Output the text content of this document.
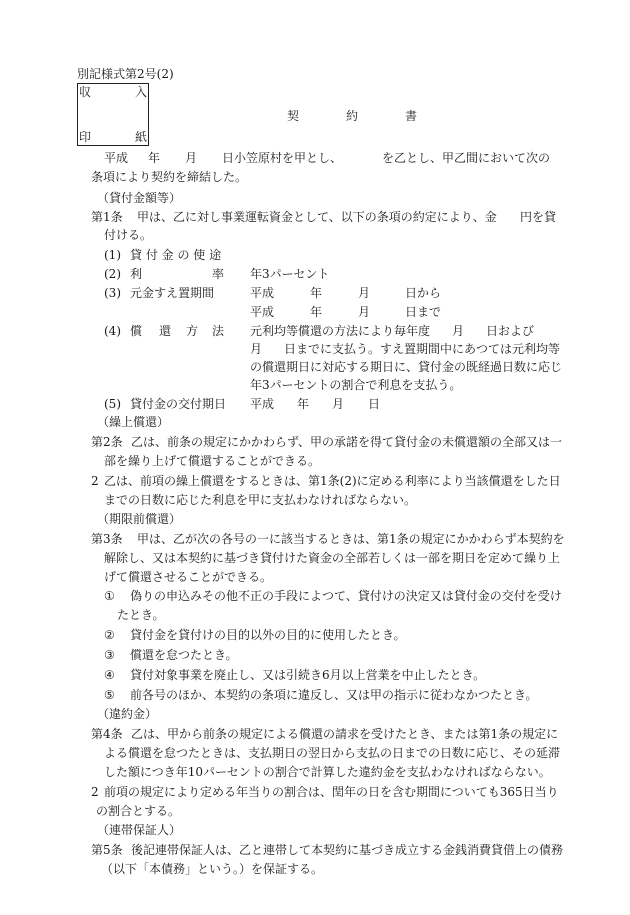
別記様式第2号(2)
収	入
印	紙
契	約	書
平成 年 月 日小笠原村を甲とし、	を乙とし、甲乙間において次の
条項により契約を締結した。
（貸付金額等）
第1条 甲は、乙に対し事業運転資金として、以下の条項の約定により、金 円を貸
付ける。
(1) 貸 付 金 の 使 途
(2) 利	率 年3パーセント
(3) 元金すえ置期間	平成	年	月	日から
平成	年	月	日まで
(4) 償 還 方 法 元利均等償還の方法により毎年度 月 日および
月 日までに支払う。すえ置期間中にあつては元利均等
の償還期日に対応する期日に、貸付金の既経過日数に応じ
年3パーセントの割合で利息を支払う。
(5) 貸付金の交付期日 平成 年 月 日
（繰上償還）
第2条 乙は、前条の規定にかかわらず、甲の承諾を得て貸付金の未償還額の全部又は一
部を繰り上げて償還することができる。
2 乙は、前項の繰上償還をするときは、第1条(2)に定める利率により当該償還をした日
までの日数に応じた利息を甲に支払わなければならない。
（期限前償還）
第3条 甲は、乙が次の各号の一に該当するときは、第1条の規定にかかわらず本契約を
解除し、又は本契約に基づき貸付けた資金の全部若しくは一部を期日を定めて繰り上
げて償還させることができる。
① 偽りの申込みその他不正の手段によつて、貸付けの決定又は貸付金の交付を受け
たとき。
② 貸付金を貸付けの目的以外の目的に使用したとき。
③ 償還を怠つたとき。
④ 貸付対象事業を廃止し、又は引続き6月以上営業を中止したとき。
⑤ 前各号のほか、本契約の条項に違反し、又は甲の指示に従わなかつたとき。
（違約金）
第4条 乙は、甲から前条の規定による償還の請求を受けたとき、または第1条の規定に
よる償還を怠つたときは、支払期日の翌日から支払の日までの日数に応じ、その延滞
した額につき年10パーセントの割合で計算した違約金を支払わなければならない。
2 前項の規定により定める年当りの割合は、閏年の日を含む期間についても365日当り
の割合とする。
（連帯保証人）
第5条 後記連帯保証人は、乙と連帯して本契約に基づき成立する金銭消費貸借上の債務
（以下「本債務」という。）を保証する。
